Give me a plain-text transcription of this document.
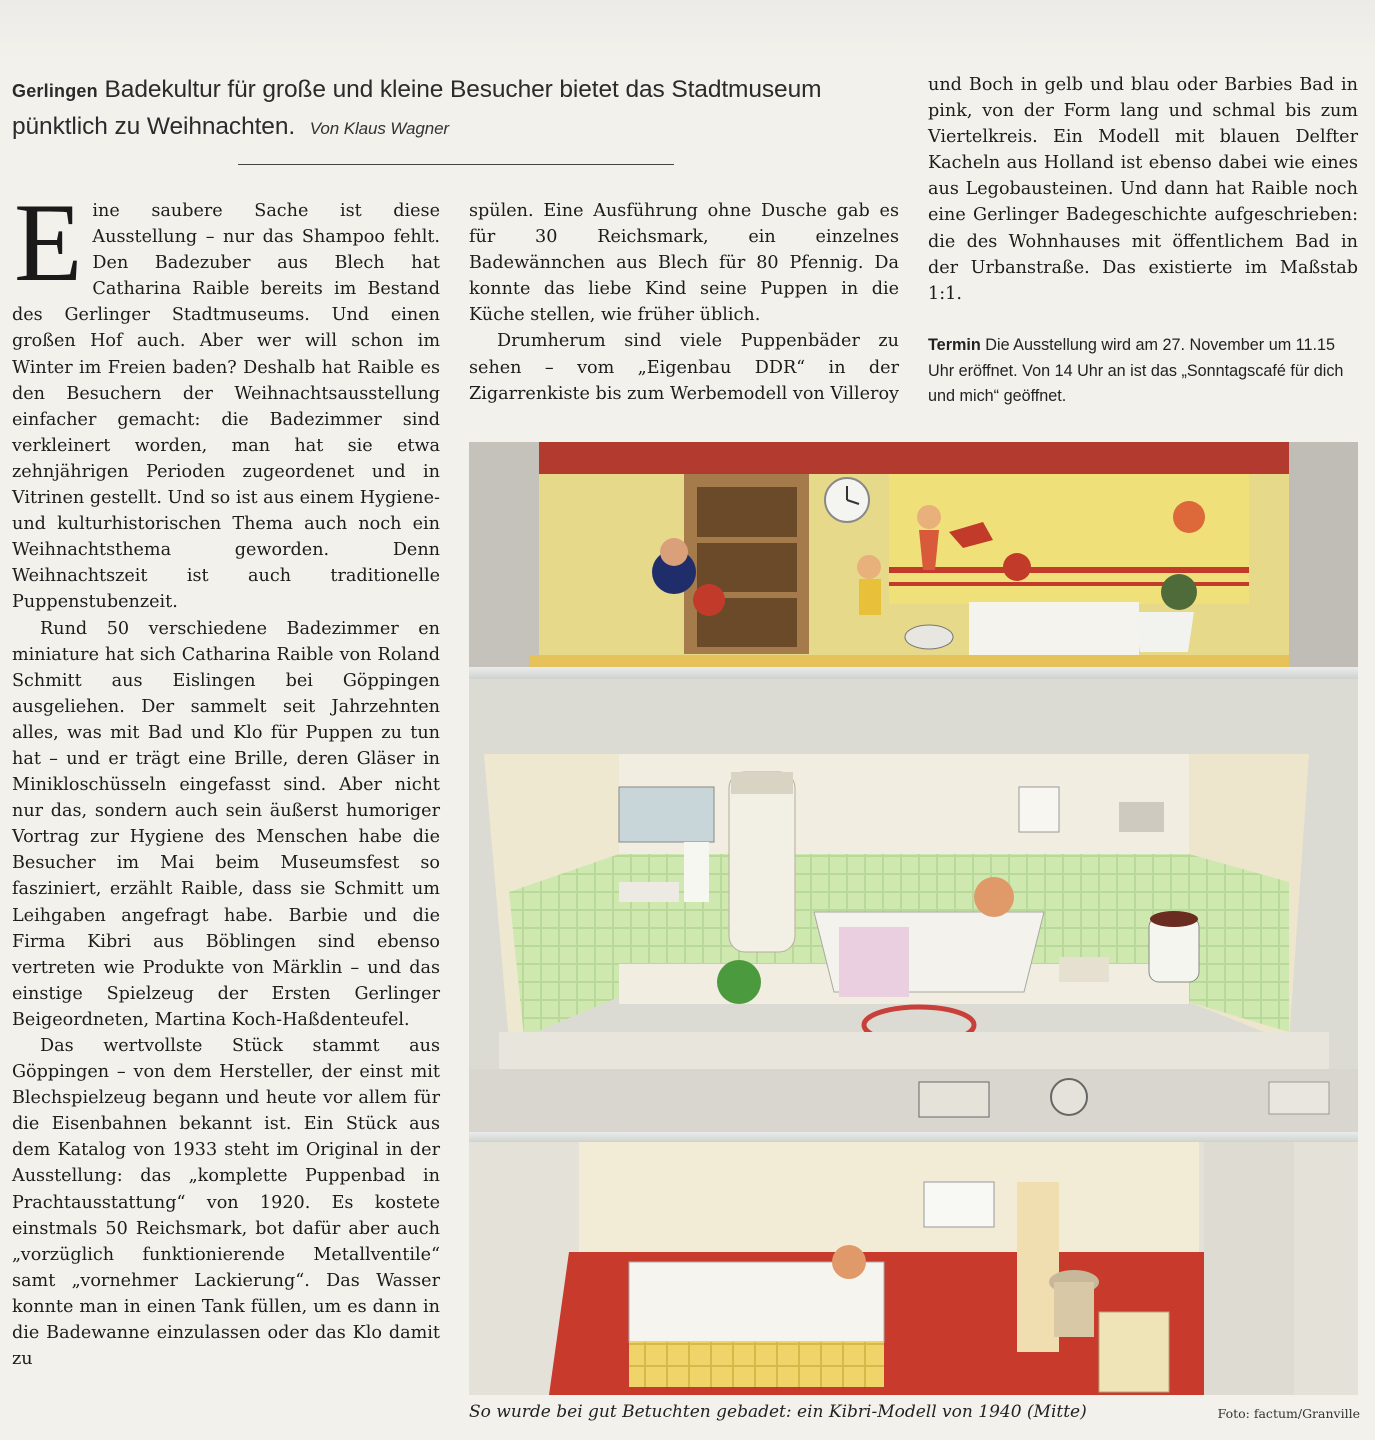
Gerlingen Badekultur für große und kleine Besucher bietet das Stadtmuseum pünktlich zu Weihnachten. Von Klaus Wagner

Eine saubere Sache ist diese Ausstellung – nur das Shampoo fehlt. Den Badezuber aus Blech hat Catharina Raible bereits im Bestand des Gerlinger Stadtmuseums. Und einen großen Hof auch. Aber wer will schon im Winter im Freien baden? Deshalb hat Raible es den Besuchern der Weihnachtsausstellung einfacher gemacht: die Badezimmer sind verkleinert worden, man hat sie etwa zehnjährigen Perioden zugeordenet und in Vitrinen gestellt. Und so ist aus einem Hygiene- und kulturhistorischen Thema auch noch ein Weihnachtsthema geworden. Denn Weihnachtszeit ist auch traditionelle Puppenstubenzeit.

Rund 50 verschiedene Badezimmer en miniature hat sich Catharina Raible von Roland Schmitt aus Eislingen bei Göppingen ausgeliehen. Der sammelt seit Jahrzehnten alles, was mit Bad und Klo für Puppen zu tun hat – und er trägt eine Brille, deren Gläser in Minikloschüsseln eingefasst sind. Aber nicht nur das, sondern auch sein äußerst humoriger Vortrag zur Hygiene des Menschen habe die Besucher im Mai beim Museumsfest so fasziniert, erzählt Raible, dass sie Schmitt um Leihgaben angefragt habe. Barbie und die Firma Kibri aus Böblingen sind ebenso vertreten wie Produkte von Märklin – und das einstige Spielzeug der Ersten Gerlinger Beigeordneten, Martina Koch-Haßdenteufel.

Das wertvollste Stück stammt aus Göppingen – von dem Hersteller, der einst mit Blechspielzeug begann und heute vor allem für die Eisenbahnen bekannt ist. Ein Stück aus dem Katalog von 1933 steht im Original in der Ausstellung: das „komplette Puppenbad in Prachtausstattung“ von 1920. Es kostete einstmals 50 Reichsmark, bot dafür aber auch „vorzüglich funktionierende Metallventile“ samt „vornehmer Lackierung“. Das Wasser konnte man in einen Tank füllen, um es dann in die Badewanne einzulassen oder das Klo damit zu

spülen. Eine Ausführung ohne Dusche gab es für 30 Reichsmark, ein einzelnes Badewännchen aus Blech für 80 Pfennig. Da konnte das liebe Kind seine Puppen in die Küche stellen, wie früher üblich.

Drumherum sind viele Puppenbäder zu sehen – vom „Eigenbau DDR“ in der Zigarrenkiste bis zum Werbemodell von Villeroy

und Boch in gelb und blau oder Barbies Bad in pink, von der Form lang und schmal bis zum Viertelkreis. Ein Modell mit blauen Delfter Kacheln aus Holland ist ebenso dabei wie eines aus Legobausteinen. Und dann hat Raible noch eine Gerlinger Badegeschichte aufgeschrieben: die des Wohnhauses mit öffentlichem Bad in der Urbanstraße. Das existierte im Maßstab 1:1.

Termin Die Ausstellung wird am 27. November um 11.15 Uhr eröffnet. Von 14 Uhr an ist das „Sonntagscafé für dich und mich“ geöffnet.
So wurde bei gut Betuchten gebadet: ein Kibri-Modell von 1940 (Mitte)	Foto: factum/Granville
